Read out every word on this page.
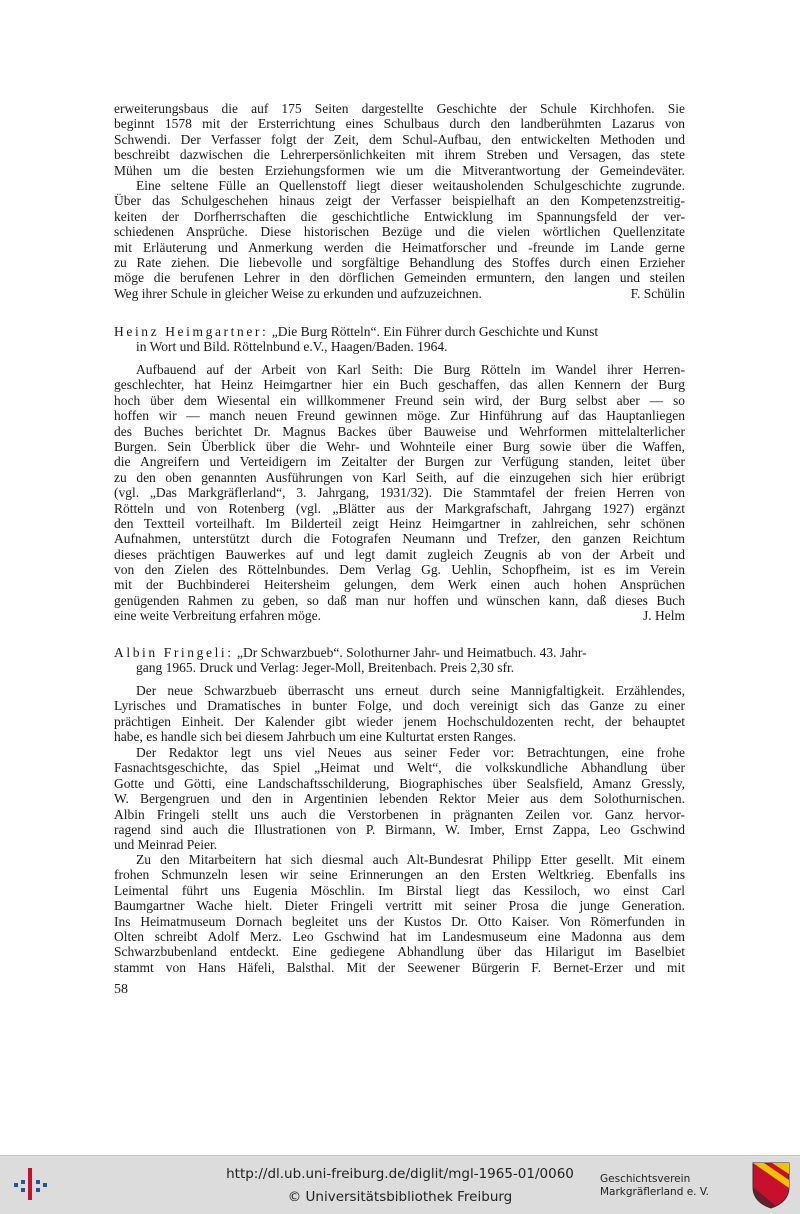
erweiterungsbaus die auf 175 Seiten dargestellte Geschichte der Schule Kirchhofen. Sie
beginnt 1578 mit der Ersterrichtung eines Schulbaus durch den landberühmten Lazarus von
Schwendi. Der Verfasser folgt der Zeit, dem Schul-Aufbau, den entwickelten Methoden und
beschreibt dazwischen die Lehrerpersönlichkeiten mit ihrem Streben und Versagen, das stete
Mühen um die besten Erziehungsformen wie um die Mitverantwortung der Gemeindeväter.
Eine seltene Fülle an Quellenstoff liegt dieser weitausholenden Schulgeschichte zugrunde.
Über das Schulgeschehen hinaus zeigt der Verfasser beispielhaft an den Kompetenzstreitig-
keiten der Dorfherrschaften die geschichtliche Entwicklung im Spannungsfeld der ver-
schiedenen Ansprüche. Diese historischen Bezüge und die vielen wörtlichen Quellenzitate
mit Erläuterung und Anmerkung werden die Heimatforscher und -freunde im Lande gerne
zu Rate ziehen. Die liebevolle und sorgfältige Behandlung des Stoffes durch einen Erzieher
möge die berufenen Lehrer in den dörflichen Gemeinden ermuntern, den langen und steilen
Weg ihrer Schule in gleicher Weise zu erkunden und aufzuzeichnen.	F. Schülin
Heinz Heimgartner: „Die Burg Rötteln“. Ein Führer durch Geschichte und Kunst
in Wort und Bild. Röttelnbund e.V., Haagen/Baden. 1964.
Aufbauend auf der Arbeit von Karl Seith: Die Burg Rötteln im Wandel ihrer Herren-
geschlechter, hat Heinz Heimgartner hier ein Buch geschaffen, das allen Kennern der Burg
hoch über dem Wiesental ein willkommener Freund sein wird, der Burg selbst aber — so
hoffen wir — manch neuen Freund gewinnen möge. Zur Hinführung auf das Hauptanliegen
des Buches berichtet Dr. Magnus Backes über Bauweise und Wehrformen mittelalterlicher
Burgen. Sein Überblick über die Wehr- und Wohnteile einer Burg sowie über die Waffen,
die Angreifern und Verteidigern im Zeitalter der Burgen zur Verfügung standen, leitet über
zu den oben genannten Ausführungen von Karl Seith, auf die einzugehen sich hier erübrigt
(vgl. „Das Markgräflerland“, 3. Jahrgang, 1931/32). Die Stammtafel der freien Herren von
Rötteln und von Rotenberg (vgl. „Blätter aus der Markgrafschaft, Jahrgang 1927) ergänzt
den Textteil vorteilhaft. Im Bilderteil zeigt Heinz Heimgartner in zahlreichen, sehr schönen
Aufnahmen, unterstützt durch die Fotografen Neumann und Trefzer, den ganzen Reichtum
dieses prächtigen Bauwerkes auf und legt damit zugleich Zeugnis ab von der Arbeit und
von den Zielen des Röttelnbundes. Dem Verlag Gg. Uehlin, Schopfheim, ist es im Verein
mit der Buchbinderei Heitersheim gelungen, dem Werk einen auch hohen Ansprüchen
genügenden Rahmen zu geben, so daß man nur hoffen und wünschen kann, daß dieses Buch
eine weite Verbreitung erfahren möge.	J. Helm
Albin Fringeli: „Dr Schwarzbueb“. Solothurner Jahr- und Heimatbuch. 43. Jahr-
gang 1965. Druck und Verlag: Jeger-Moll, Breitenbach. Preis 2,30 sfr.
Der neue Schwarzbueb überrascht uns erneut durch seine Mannigfaltigkeit. Erzählendes,
Lyrisches und Dramatisches in bunter Folge, und doch vereinigt sich das Ganze zu einer
prächtigen Einheit. Der Kalender gibt wieder jenem Hochschuldozenten recht, der behauptet
habe, es handle sich bei diesem Jahrbuch um eine Kulturtat ersten Ranges.
Der Redaktor legt uns viel Neues aus seiner Feder vor: Betrachtungen, eine frohe
Fasnachtsgeschichte, das Spiel „Heimat und Welt“, die volkskundliche Abhandlung über
Gotte und Götti, eine Landschaftsschilderung, Biographisches über Sealsfield, Amanz Gressly,
W. Bergengruen und den in Argentinien lebenden Rektor Meier aus dem Solothurnischen.
Albin Fringeli stellt uns auch die Verstorbenen in prägnanten Zeilen vor. Ganz hervor-
ragend sind auch die Illustrationen von P. Birmann, W. Imber, Ernst Zappa, Leo Gschwind
und Meinrad Peier.
Zu den Mitarbeitern hat sich diesmal auch Alt-Bundesrat Philipp Etter gesellt. Mit einem
frohen Schmunzeln lesen wir seine Erinnerungen an den Ersten Weltkrieg. Ebenfalls ins
Leimental führt uns Eugenia Möschlin. Im Birstal liegt das Kessiloch, wo einst Carl
Baumgartner Wache hielt. Dieter Fringeli vertritt mit seiner Prosa die junge Generation.
Ins Heimatmuseum Dornach begleitet uns der Kustos Dr. Otto Kaiser. Von Römerfunden in
Olten schreibt Adolf Merz. Leo Gschwind hat im Landesmuseum eine Madonna aus dem
Schwarzbubenland entdeckt. Eine gediegene Abhandlung über das Hilarigut im Baselbiet
stammt von Hans Häfeli, Balsthal. Mit der Seewener Bürgerin F. Bernet-Erzer und mit
58
http://dl.ub.uni-freiburg.de/diglit/mgl-1965-01/0060
© Universitätsbibliothek Freiburg
Geschichtsverein
Markgräflerland e. V.
